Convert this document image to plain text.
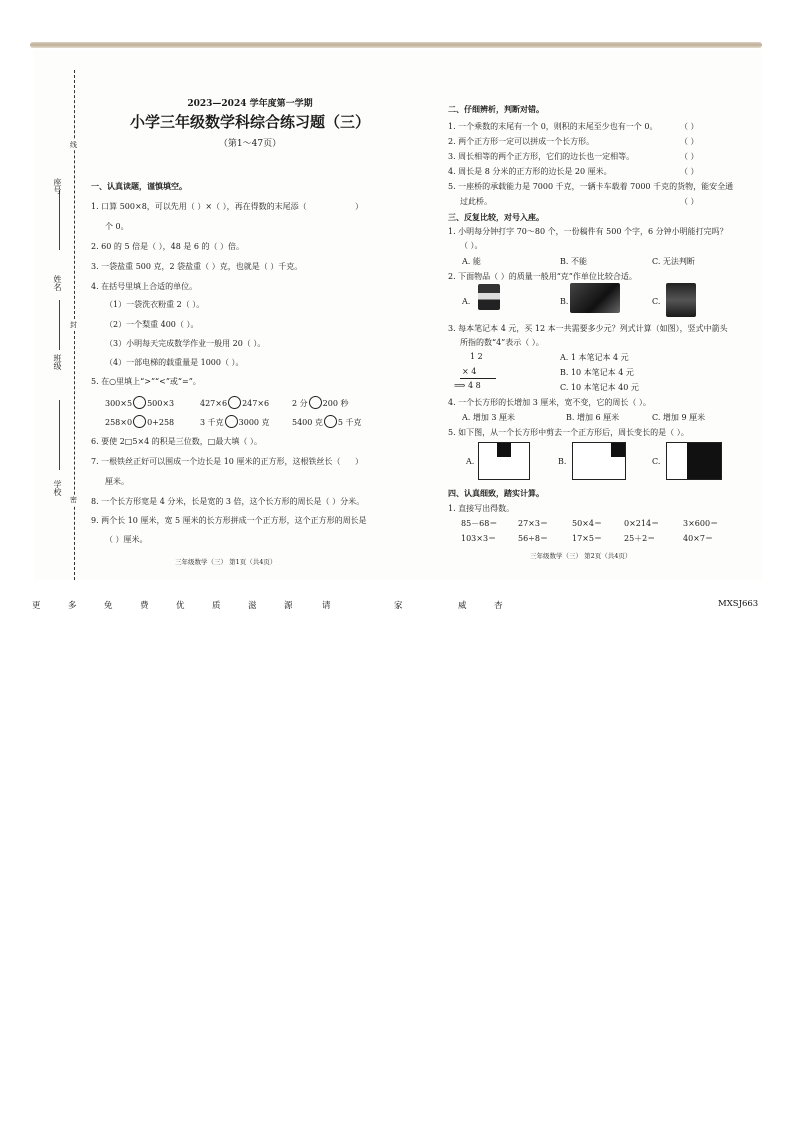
座号
姓名
班级
学校
线
封
密
2023—2024 学年度第一学期
小学三年级数学科综合练习题（三）
（第1～47页）
一、认真读题，谨慎填空。
1. 口算 500×8，可以先用（ ）×（ ），再在得数的末尾添（	）
个 0。
2. 60 的 5 倍是（ ），48 是 6 的（ ）倍。
3. 一袋盐重 500 克，2 袋盐重（ ）克，也就是（ ）千克。
4. 在括号里填上合适的单位。
（1）一袋洗衣粉重 2（ ）。
（2）一个梨重 400（ ）。
（3）小明每天完成数学作业一般用 20（ ）。
（4）一部电梯的载重量是 1000（ ）。
5. 在○里填上“>”“<”或“=”。
300×5 500×3	427×6 247×6	2 分 200 秒
258×0 0+258	3 千克 3000 克	5400 克 5 千克
6. 要使 2□5×4 的积是三位数，□最大填（ ）。
7. 一根铁丝正好可以围成一个边长是 10 厘米的正方形，这根铁丝长（ ）
厘米。
8. 一个长方形宽是 4 分米，长是宽的 3 倍，这个长方形的周长是（ ）分米。
9. 两个长 10 厘米，宽 5 厘米的长方形拼成一个正方形，这个正方形的周长是
（ ）厘米。
三年级数学（三） 第1页（共4页）
二、仔细辨析，判断对错。
1. 一个乘数的末尾有一个 0，则积的末尾至少也有一个 0。	（ ）
2. 两个正方形一定可以拼成一个长方形。	（ ）
3. 周长相等的两个正方形，它们的边长也一定相等。	（ ）
4. 周长是 8 分米的正方形的边长是 20 厘米。	（ ）
5. 一座桥的承载能力是 7000 千克，一辆卡车载着 7000 千克的货物，能安全通
过此桥。	（ ）
三、反复比较，对号入座。
1. 小明每分钟打字 70～80 个，一份稿件有 500 个字，6 分钟小明能打完吗？
（ ）。
A. 能	B. 不能	C. 无法判断
2. 下面物品（ ）的质量一般用“克”作单位比较合适。
A.	B.	C.
3. 每本笔记本 4 元，买 12 本一共需要多少元？列式计算（如图），竖式中箭头
所指的数“4”表示（ ）。
1 2
× 4
⟹ 4 8
A. 1 本笔记本 4 元
B. 10 本笔记本 4 元
C. 10 本笔记本 40 元
4. 一个长方形的长增加 3 厘米，宽不变，它的周长（ ）。
A. 增加 3 厘米	B. 增加 6 厘米	C. 增加 9 厘米
5. 如下图，从一个长方形中剪去一个正方形后，周长变长的是（ ）。
A.	B.	C.
四、认真细致，踏实计算。
1. 直接写出得数。
85－68＝	27×3＝	50×4＝	0×214＝	3×600＝
103×3＝	56÷8＝	17×5＝	25＋2＝	40×7＝
三年级数学（三） 第2页（共4页）
更	多	免	费	优	质	滋	源	请	家	威	杏	MXSJ663
